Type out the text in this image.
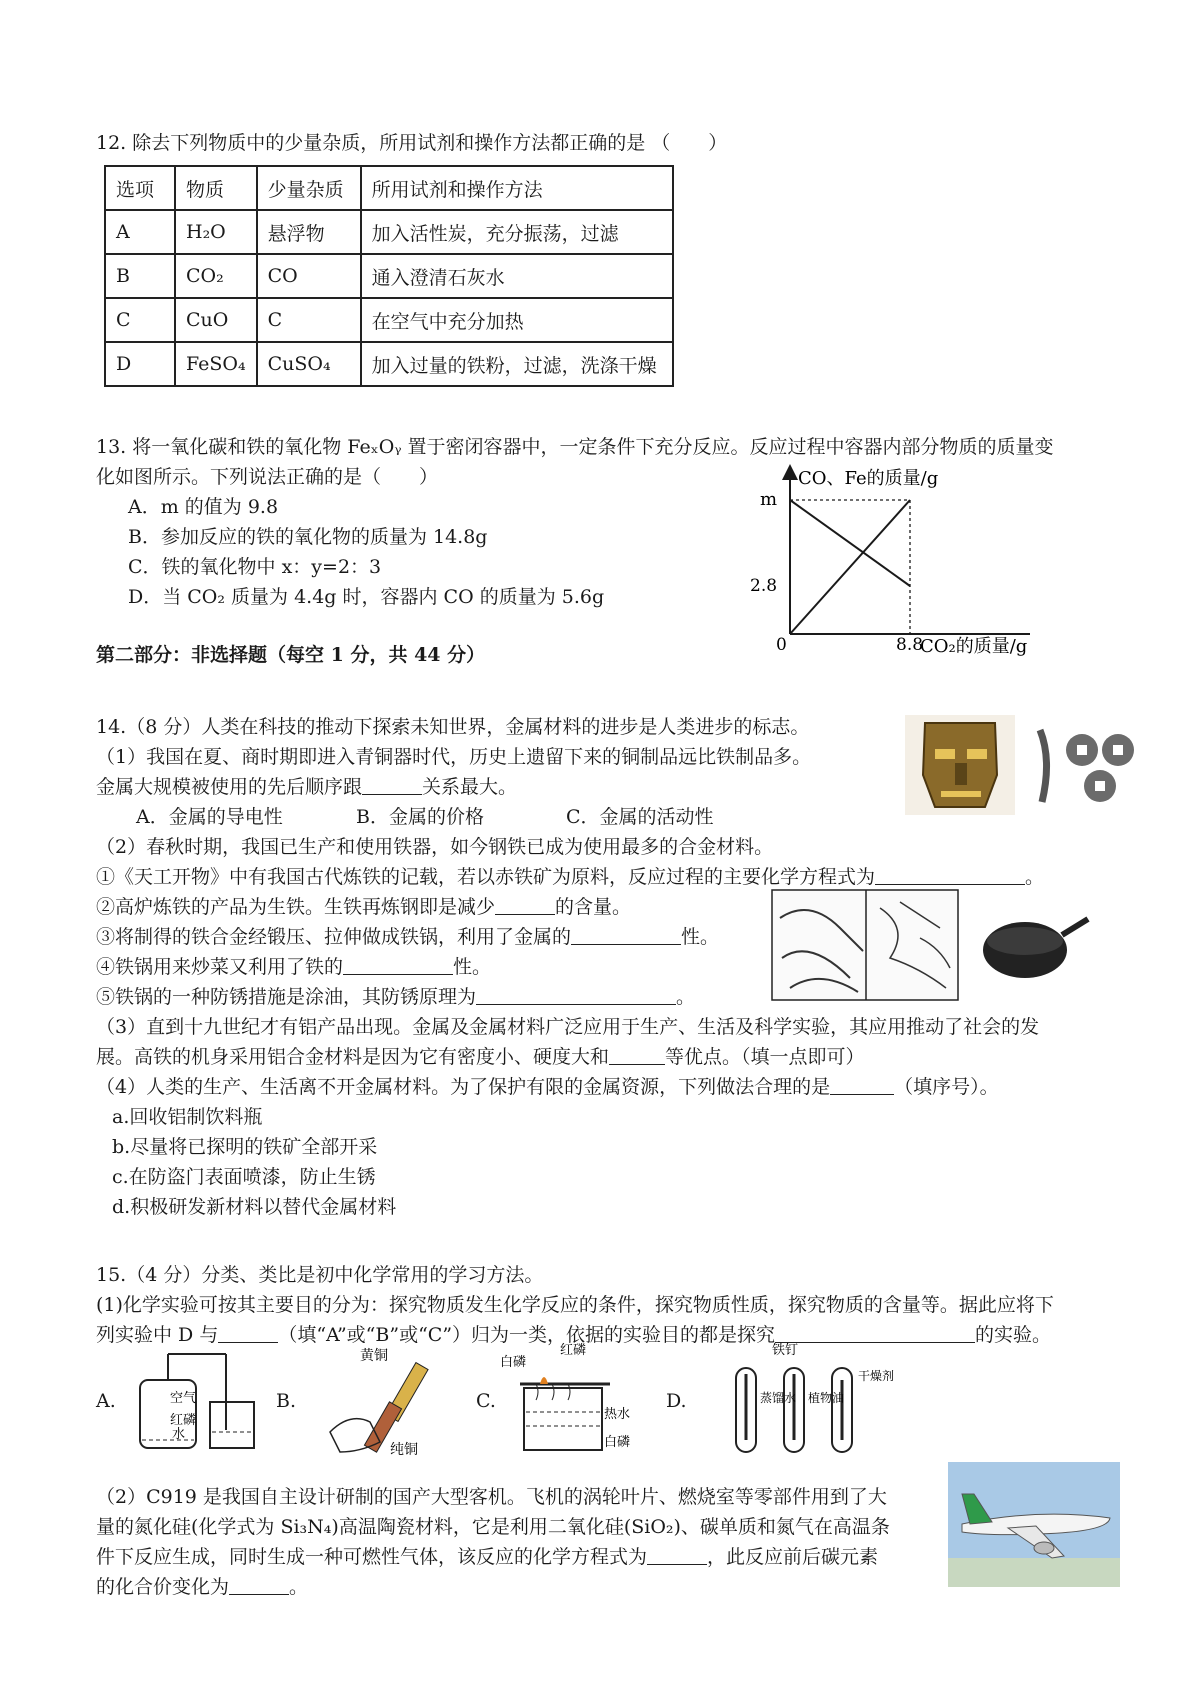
12. 除去下列物质中的少量杂质，所用试剂和操作方法都正确的是 （　　）
选项	物质	少量杂质	所用试剂和操作方法
A	H₂O	悬浮物	加入活性炭，充分振荡，过滤
B	CO₂	CO	通入澄清石灰水
C	CuO	C	在空气中充分加热
D	FeSO₄	CuSO₄	加入过量的铁粉，过滤，洗涤干燥
13. 将一氧化碳和铁的氧化物 FeₓOᵧ 置于密闭容器中，一定条件下充分反应。反应过程中容器内部分物质的质量变
化如图所示。下列说法正确的是（　　）
A．m 的值为 9.8
B．参加反应的铁的氧化物的质量为 14.8g
C．铁的氧化物中 x：y=2：3
D．当 CO₂ 质量为 4.4g 时，容器内 CO 的质量为 5.6g
CO、Fe的质量/g
CO₂的质量/g
m
2.8
0	8.8
第二部分：非选择题（每空 1 分，共 44 分）
14.（8 分）人类在科技的推动下探索未知世界，金属材料的进步是人类进步的标志。
（1）我国在夏、商时期即进入青铜器时代，历史上遗留下来的铜制品远比铁制品多。
金属大规模被使用的先后顺序跟	关系最大。
A．金属的导电性	B．金属的价格	C．金属的活动性
（2）春秋时期，我国已生产和使用铁器，如今钢铁已成为使用最多的合金材料。
①《天工开物》中有我国古代炼铁的记载，若以赤铁矿为原料，反应过程的主要化学方程式为	。
②高炉炼铁的产品为生铁。生铁再炼钢即是减少	的含量。
③将制得的铁合金经锻压、拉伸做成铁锅，利用了金属的	性。
④铁锅用来炒菜又利用了铁的	性。
⑤铁锅的一种防锈措施是涂油，其防锈原理为	。
（3）直到十九世纪才有铝产品出现。金属及金属材料广泛应用于生产、生活及科学实验，其应用推动了社会的发
展。高铁的机身采用铝合金材料是因为它有密度小、硬度大和	等优点。（填一点即可）
（4）人类的生产、生活离不开金属材料。为了保护有限的金属资源，下列做法合理的是	（填序号）。
a.回收铝制饮料瓶
b.尽量将已探明的铁矿全部开采
c.在防盗门表面喷漆，防止生锈
d.积极研发新材料以替代金属材料
15.（4 分）分类、类比是初中化学常用的学习方法。
(1)化学实验可按其主要目的分为：探究物质发生化学反应的条件，探究物质性质，探究物质的含量等。据此应将下
列实验中 D 与	（填“A”或“B”或“C”）归为一类，依据的实验目的都是探究	的实验。
A.	空气
红磷
水
B.
黄铜
纯铜
C.
白磷
红磷
热水
白磷
D.
铁钉
蒸馏水 植物油
干燥剂
（2）C919 是我国自主设计研制的国产大型客机。飞机的涡轮叶片、燃烧室等零部件用到了大
量的氮化硅(化学式为 Si₃N₄)高温陶瓷材料，它是利用二氧化硅(SiO₂)、碳单质和氮气在高温条
件下反应生成，同时生成一种可燃性气体，该反应的化学方程式为	，此反应前后碳元素
的化合价变化为	。
